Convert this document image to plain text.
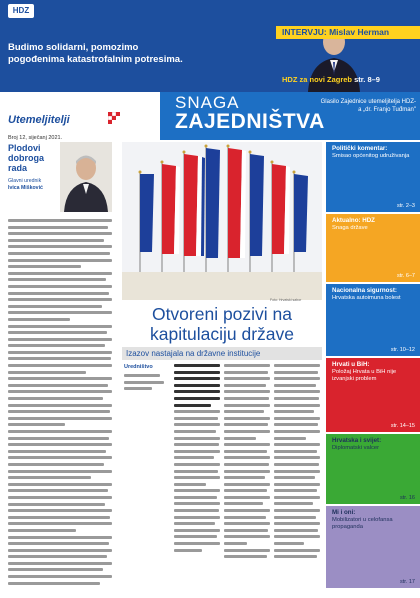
HDZ
Budimo solidarni, pomozimo
pogođenima katastrofalnim potresima.
INTERVJU: Mislav Herman
HDZ za novi Zagreb str. 8–9
Utemeljitelji
SNAGA
ZAJEDNIŠTVA
Glasilo Zajednice utemeljitelja HDZ-a „dr. Franjo Tuđman"
Broj 12, siječanj 2021.
Plodovi dobroga rada
Glavni urednik
Ivica Mišković
Foto: Hrvatski sabor
Otvoreni pozivi na kapitulaciju države
Izazov nastajala na državne institucije
Uredništvo
Politički komentar:
Smisao općenitog udruživanja
str. 2–3
Aktualno: HDZ
Snaga države
str. 6–7
Nacionalna sigurnost:
Hrvatska autoimuna bolest
str. 10–12
Hrvati u BiH:
Položaj Hrvata u BiH nije izvanjski problem
str. 14–15
Hrvatska i svijet:
Diplomatski valcer
str. 16
Mi i oni:
Mobilizatori u celofansa propaganda
str. 17
